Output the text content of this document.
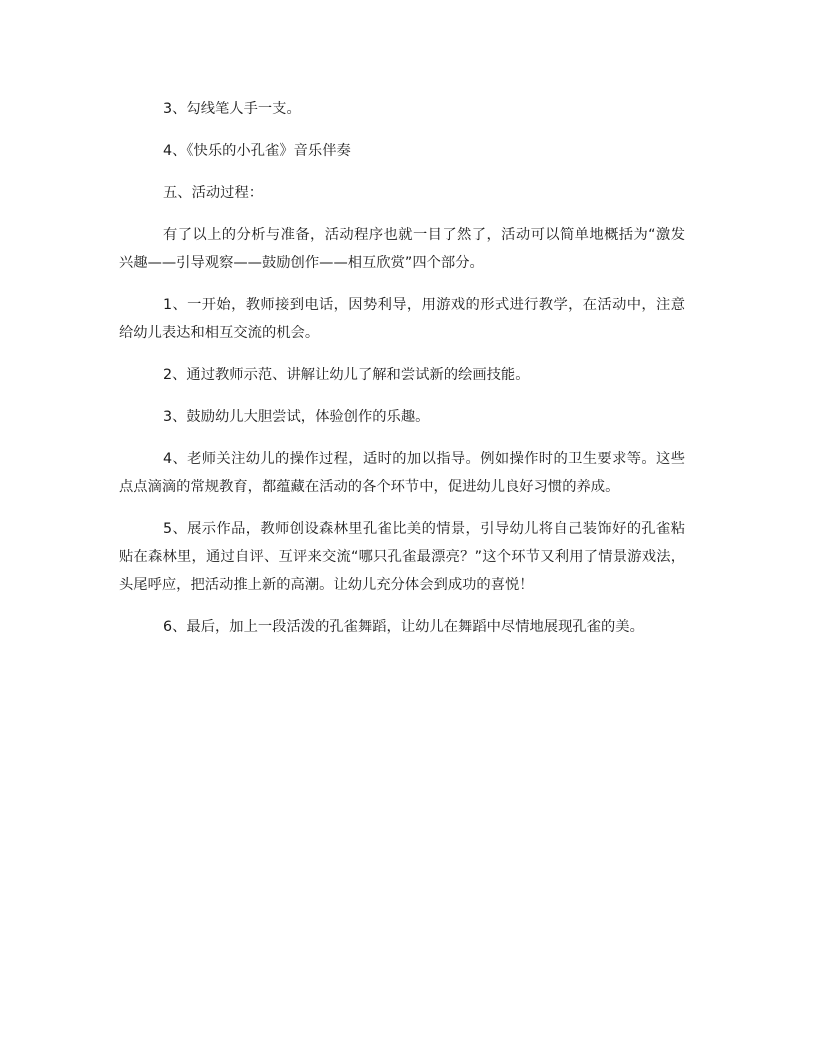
3、勾线笔人手一支。

4、《快乐的小孔雀》音乐伴奏

五、活动过程：

有了以上的分析与准备，活动程序也就一目了然了，活动可以简单地概括为“激发兴趣——引导观察——鼓励创作——相互欣赏”四个部分。

1、一开始，教师接到电话，因势利导，用游戏的形式进行教学，在活动中，注意给幼儿表达和相互交流的机会。

2、通过教师示范、讲解让幼儿了解和尝试新的绘画技能。

3、鼓励幼儿大胆尝试，体验创作的乐趣。

4、老师关注幼儿的操作过程，适时的加以指导。例如操作时的卫生要求等。这些点点滴滴的常规教育，都蕴藏在活动的各个环节中，促进幼儿良好习惯的养成。

5、展示作品，教师创设森林里孔雀比美的情景，引导幼儿将自己装饰好的孔雀粘贴在森林里，通过自评、互评来交流“哪只孔雀最漂亮？”这个环节又利用了情景游戏法，头尾呼应，把活动推上新的高潮。让幼儿充分体会到成功的喜悦！

6、最后，加上一段活泼的孔雀舞蹈，让幼儿在舞蹈中尽情地展现孔雀的美。
